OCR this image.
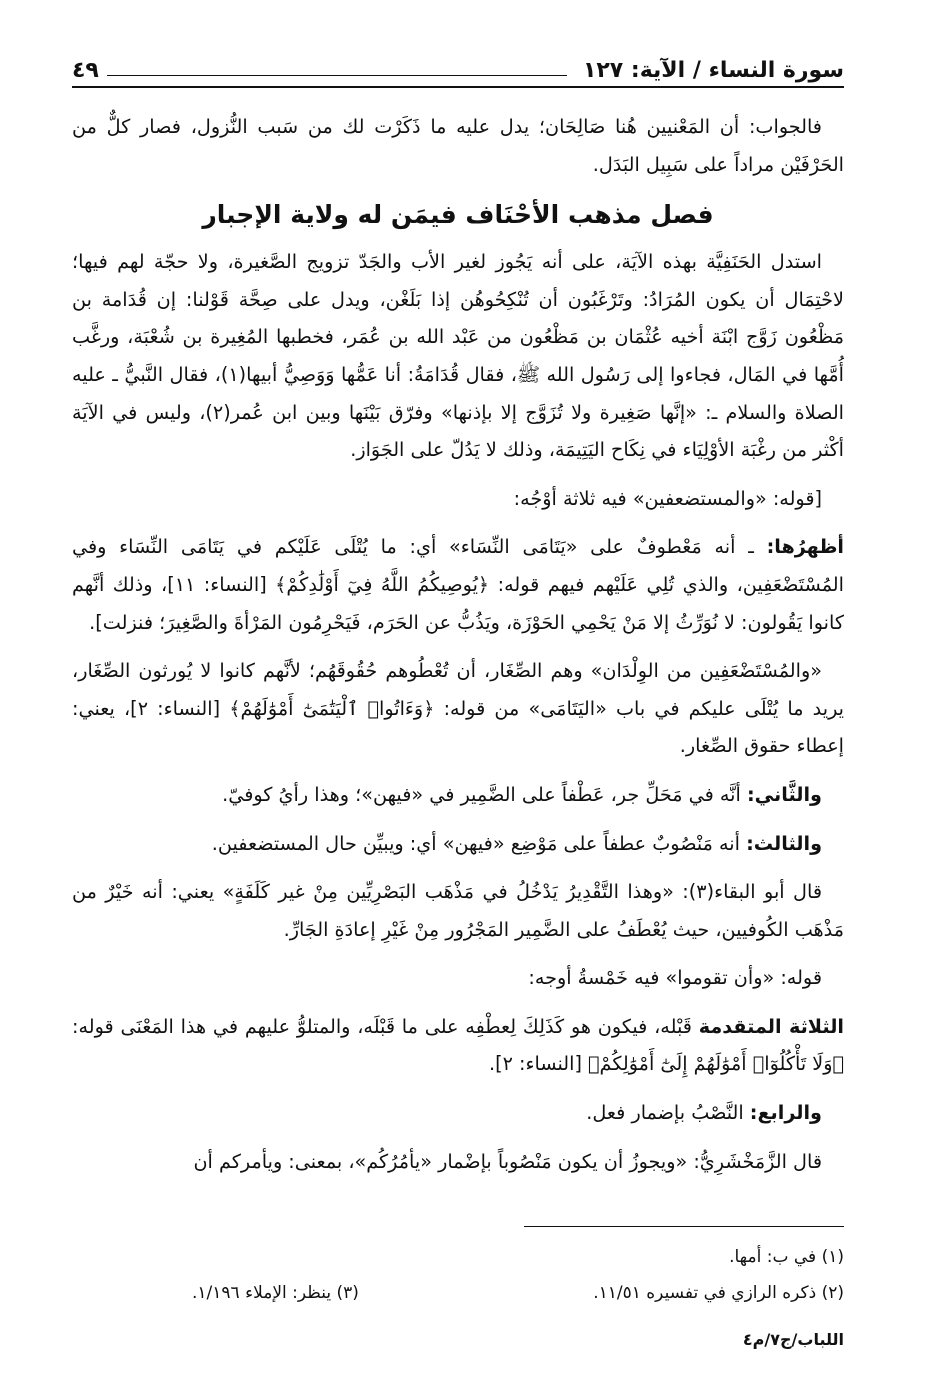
سورة النساء / الآية: ١٢٧
٤٩

فالجواب: أن المَعْنيين هُنا صَالِحَان؛ يدل عليه ما ذَكَرْت لك من سَبب النُّزول، فصار كلٌّ من الحَرْفَيْن مراداً على سَبِيل البَدَل.

فصل مذهب الأحْنَاف فيمَن له ولاية الإجبار

استدل الحَنَفِيَّة بهذه الآيَة، على أنه يَجُوز لغير الأب والجَدّ تزويج الصَّغيرة، ولا حجّة لهم فيها؛ لاحْتِمَال أن يكون المُرَادُ: وتَرْغَبُون أن تُنْكِحُوهُن إذا بَلَغْن، ويدل على صِحَّة قَوْلنا: إن قُدَامة بن مَظْعُون زَوَّج ابْنَة أخيه عُثْمَان بن مَظْعُون من عَبْد الله بن عُمَر، فخطبها المُغِيرة بن شُعْبَة، ورغَّب أُمَّها في المَال، فجاءوا إلى رَسُول الله ﷺ، فقال قُدَامَةُ: أنا عَمُّها وَوَصِيُّ أبيها(١)، فقال النَّبيُّ ـ عليه الصلاة والسلام ـ: «إنَّها صَغِيرة ولا تُزَوَّج إلا بإذنها» وفرّق بَيْنَها وبين ابن عُمر(٢)، وليس في الآيَة أكْثر من رغْبَة الأوْلِيَاء في نِكَاح اليَتِيمَة، وذلك لا يَدُلّ على الجَوَاز.

[قوله: «والمستضعفين» فيه ثلاثة أوْجُه:

أظهرُها: ـ أنه مَعْطوفٌ على «يَتَامَى النِّسَاء» أي: ما يُتْلَى عَلَيْكم في يَتَامَى النِّسَاء وفي المُسْتَضْعَفِين، والذي تُلِي عَلَيْهم فيهم قوله: ﴿يُوصِيكُمُ اللَّهُ فِيٓ أَوْلَٰدِكُمْ﴾ [النساء: ١١]، وذلك أنَّهم كانوا يَقُولون: لا نُوَرِّثُ إلا مَنْ يَحْمِي الحَوْزَة، ويَذُبُّ عن الحَرَم، فَيَحْرِمُون المَرْأةَ والصَّغِيرَ؛ فنزلت].

«والمُسْتَضْعَفِين من الوِلْدَان» وهم الصِّغَار، أن تُعْطُوهم حُقُوقَهُم؛ لأنَّهم كانوا لا يُورثون الصِّغَار، يريد ما يُتْلَى عليكم في باب «اليَتَامَى» من قوله: ﴿وَءَاتُوا۟ ٱلْيَتَٰمَىٰٓ أَمْوَٰلَهُمْ﴾ [النساء: ٢]، يعني: إعطاء حقوق الصِّغار.

والثَّاني: أنَّه في مَحَلِّ جر، عَطْفاً على الضَّمِير في «فيهن»؛ وهذا رأيُ كوفيّ.

والثالث: أنه مَنْصُوبٌ عطفاً على مَوْضِع «فيهن» أي: ويبيِّن حال المستضعفين.

قال أبو البقاء(٣): «وهذا التَّقْدِيرُ يَدْخُلُ في مَذْهَب البَصْرِيِّين مِنْ غير كَلَفَةٍ» يعني: أنه خَيْرٌ من مَذْهَب الكُوفيين، حيث يُعْطَفُ على الضَّمِير المَجْرُور مِنْ غَيْرِ إعادَةِ الجَارِّ.

قوله: «وأن تقوموا» فيه خَمْسةُ أوجه:

الثلاثة المتقدمة قَبْله، فيكون هو كَذَلِكَ لِعطْفِه على ما قَبْلَه، والمتلوُّ عليهم في هذا المَعْنَى قوله: ﴿وَلَا تَأْكُلُوٓا۟ أَمْوَٰلَهُمْ إِلَىٰٓ أَمْوَٰلِكُمْ﴾ [النساء: ٢].

والرابع: النَّصْبُ بإضمار فعل.

قال الزَّمَخْشَرِيُّ: «ويجوزُ أن يكون مَنْصُوباً بإضْمار «يأمُرُكُم»، بمعنى: ويأمركم أن

(١) في ب: أمها.
(٢) ذكره الرازي في تفسيره ١١/٥١.
(٣) ينظر: الإملاء ١/١٩٦.
اللباب/ج٧/م٤
